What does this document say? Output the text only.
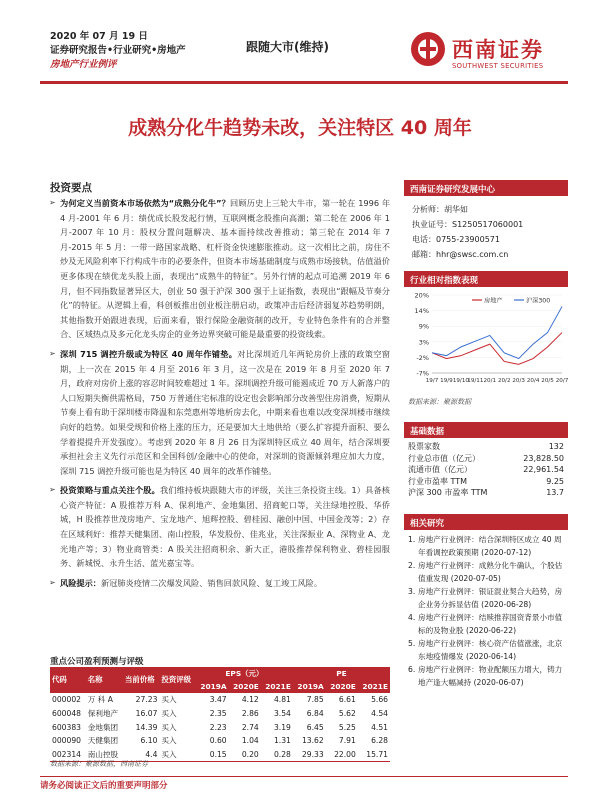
2020 年 07 月 19 日
证券研究报告•行业研究•房地产
房地产行业例评
跟随大市(维持)	西南证券
SOUTHWEST SECURITIES
成熟分化牛趋势未改，关注特区 40 周年
投资要点

➢ 为何定义当前资本市场依然为“成熟分化牛”？回顾历史上三轮大牛市，第一轮在 1996 年 4 月-2001 年 6 月：绩优成长股发起行情，互联网概念股推向高潮；第二轮在 2006 年 1 月-2007 年 10 月：股权分置问题解决、基本面持续改善推动；第三轮在 2014 年 7 月-2015 年 5 月：一带一路国家战略、杠杆资金快速膨胀推动。这一次相比之前，房住不炒及无风险利率下行构成牛市的必要条件，但资本市场基础制度与成熟市场接轨，估值溢价更多体现在绩优龙头股上面，表现出“成熟牛的特征”。另外行情的起点可追溯 2019 年 6 月，但不同指数显著异区大，创业 50 强于沪深 300 强于上证指数，表现出“跟幅及节奏分化”的特征。从逻辑上看，科创板推出创业板注册启动，政策冲击后经济弱复苏趋势明朗，其他指数开始跟进表现，后面来看，银行保险金融资制的改开，专业特色条件有的合并整合、区域热点及多元化龙头房企的业务边界突破可能是最重要的投资线索。

➢ 深圳 715 调控升级或为特区 40 周年作铺垫。对比深圳近几年两轮房价上涨的政策空窗期，上一次在 2015 年 4 月至 2016 年 3 月，这一次是在 2019 年 8 月至 2020 年 7 月，政府对房价上涨的容忍时间较难超过 1 年。深圳调控升级可能遏成近 70 万人新落户的人口短期失衡供需格局，750 万普通住宅标准的设定也会影响部分改善型住房消费，短期从节奏上看有助于深圳楼市降温和东莞惠州等地析房去化，中期来看也难以改变深圳楼市继续向好的趋势。如果受规和价格上涨的压力，还是要加大土地供给（要么扩容提升面积、要么学着提提升开发强度）。考虑到 2020 年 8 月 26 日为深圳特区成立 40 周年，结合深圳要承担社会主义先行示范区和全国科创/金融中心的使命，对深圳的资源倾斜理应加大力度，深圳 715 调控升级可能也是为特区 40 周年的改革作铺垫。

➢ 投资策略与重点关注个股。我们维持板块跟随大市的评级，关注三条投资主线。1）具备核心资产特征：A 股推荐万科 A、保利地产、金地集团、招商蛇口等，关注绿地控股、华侨城，H 股推荐世茂房地产、宝龙地产、旭辉控股、碧桂园、融创中国、中国金茂等；2）存在区域利好：推荐天健集团、南山控股，华发股份、佳兆业，关注深振业 A、深物业 A、龙光地产等；3）物业商管类：A 股关注招商积余、新大正，港股推荐保利物业、碧桂园服务、新城悦、永升生活、蓝光嘉宝等。

➢ 风险提示：新冠肺炎疫情二次爆发风险、销售回款风险、复工竣工风险。

西南证券研究发展中心
分析师：胡华如
执业证号：S1250517060001
电话：0755-23900571
邮箱：hhr@swsc.com.cn
行业相对指数表现
20%
14%
9%
3%
-2%
-7%
19/7 19/9 19/10
19/11 20/1 20/2 20/3 20/4 20/5 20/7
房地产	沪深300
数据来源：聚源数据
基础数据
股票家数	132
行业总市值（亿元）	23,828.50
流通市值（亿元）	22,961.54
行业市盈率 TTM	9.25
沪深 300 市盈率 TTM	13.7
相关研究

1. 房地产行业例评：结合深圳特区成立 40 周年看调控政策预期 (2020-07-12)

2. 房地产行业例评：成熟分化牛确认，个股估值重发现 (2020-07-05)

3. 房地产行业例评：银证混业契合大趋势，房企业务分拆显估值 (2020-06-28)

4. 房地产行业例评：结赎推荐国资背景小市值标的及物业股 (2020-06-22)

5. 房地产行业例评：核心资产估值涨涨，北京东地疫情爆发 (2020-06-14)

6. 房地产行业例评：物业配额压力增大，铸力地产逢大幅减持 (2020-06-07)

重点公司盈利预测与评级
代码	名称	当前价格	投资评级	EPS（元）			PE		
				2019A	2020E	2021E	2019A	2020E	2021E
000002	万 科 A	27.23	买入	3.47	4.12	4.81	7.85	6.61	5.66
600048	保利地产	16.07	买入	2.35	2.86	3.54	6.84	5.62	4.54
600383	金地集团	14.39	买入	2.23	2.74	3.19	6.45	5.25	4.51
000090	天健集团	6.10	买入	0.60	1.04	1.31	13.62	7.91	6.28
002314	南山控股	4.4	买入	0.15	0.20	0.28	29.33	22.00	15.71
数据来源：聚源数据，西南证券
请务必阅读正文后的重要声明部分
